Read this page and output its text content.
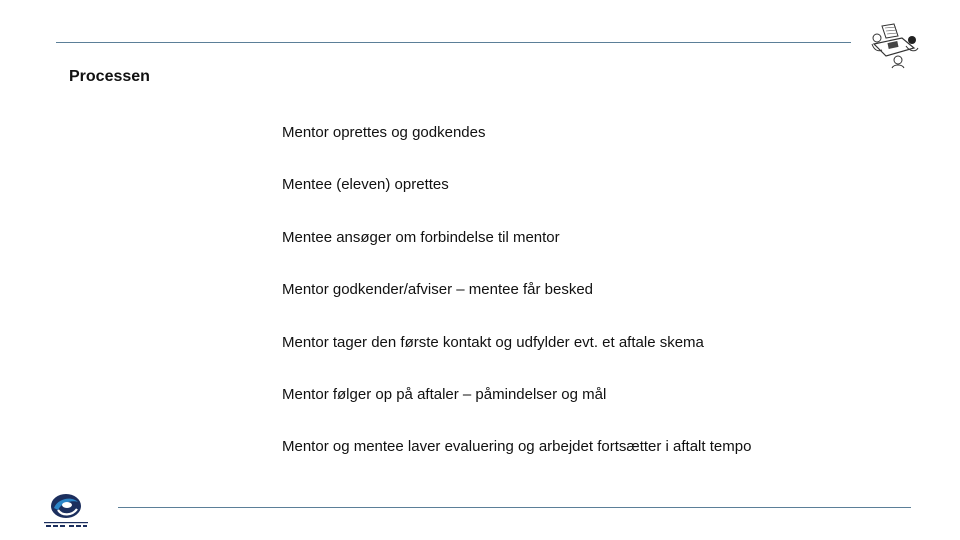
Processen
Mentor oprettes og godkendes
Mentee (eleven) oprettes
Mentee ansøger om forbindelse til mentor
Mentor godkender/afviser – mentee får besked
Mentor tager den første kontakt og udfylder evt. et aftale skema
Mentor følger op på aftaler – påmindelser og mål
Mentor og mentee laver evaluering og arbejdet fortsætter i aftalt tempo
